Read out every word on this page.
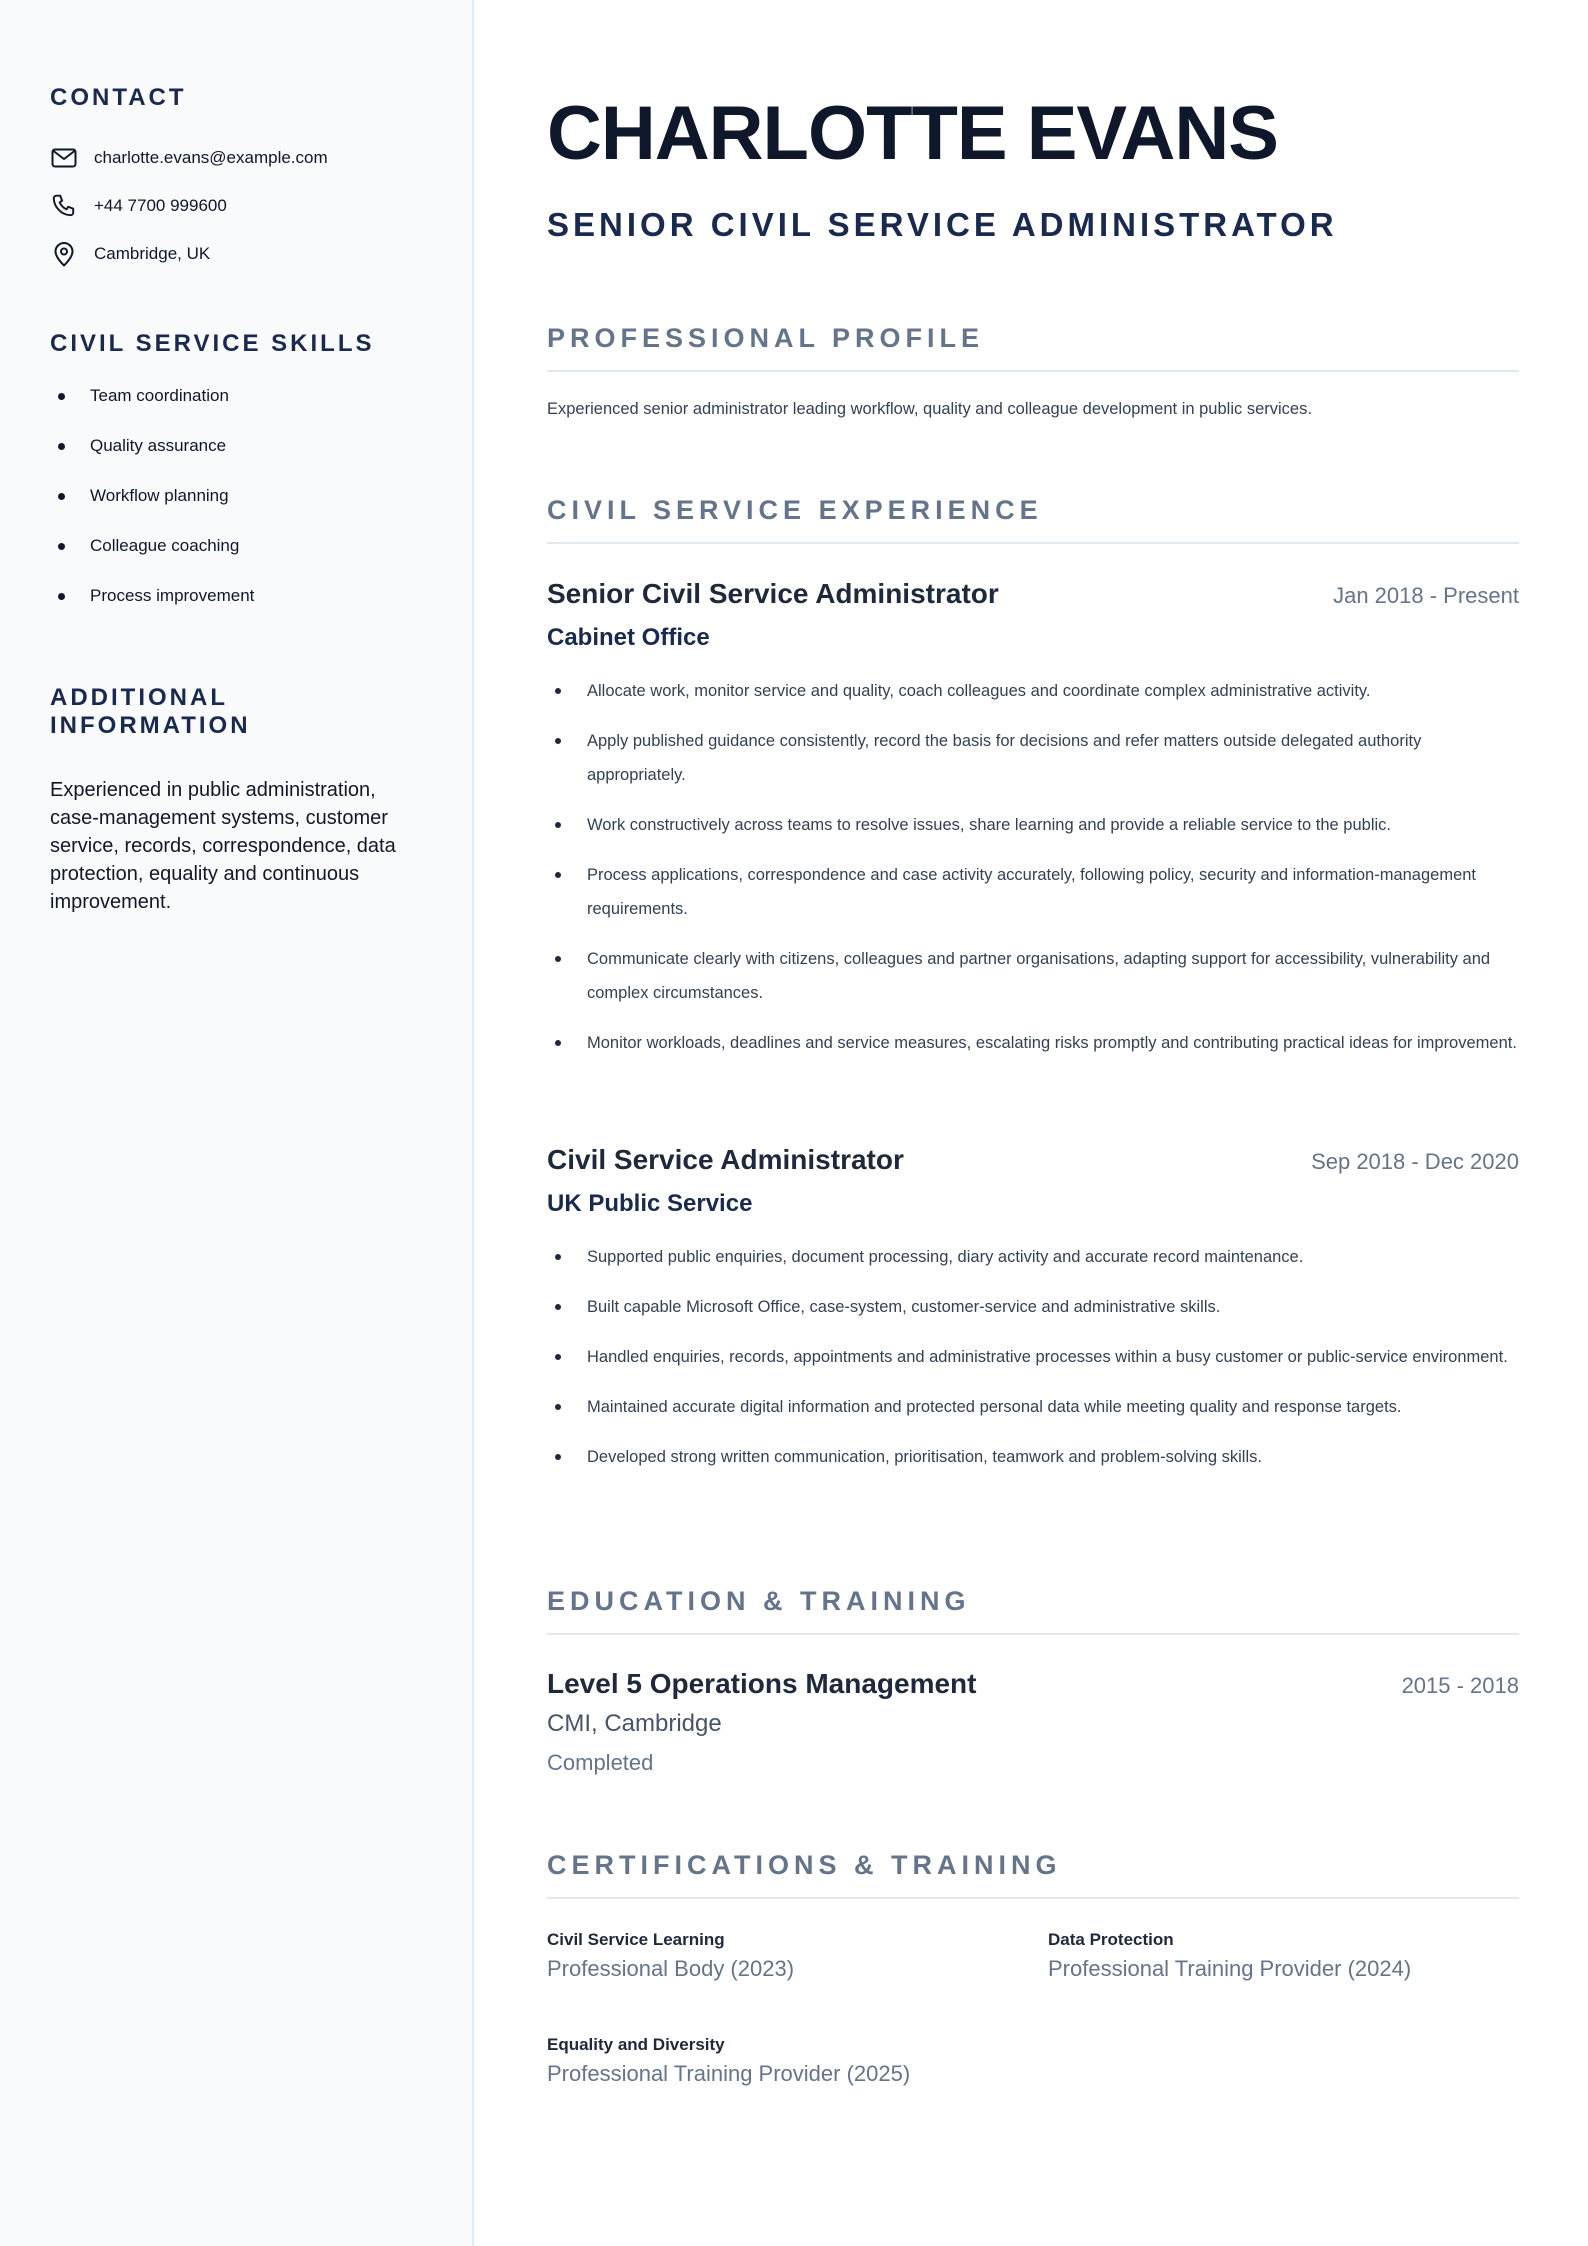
CONTACT
charlotte.evans@example.com
+44 7700 999600
Cambridge, UK
CIVIL SERVICE SKILLS
Team coordination
Quality assurance
Workflow planning
Colleague coaching
Process improvement
ADDITIONAL INFORMATION
Experienced in public administration, case-management systems, customer service, records, correspondence, data protection, equality and continuous improvement.
CHARLOTTE EVANS
SENIOR CIVIL SERVICE ADMINISTRATOR
PROFESSIONAL PROFILE
Experienced senior administrator leading workflow, quality and colleague development in public services.
CIVIL SERVICE EXPERIENCE
Senior Civil Service Administrator	Jan 2018 - Present
Cabinet Office
Allocate work, monitor service and quality, coach colleagues and coordinate complex administrative activity.
Apply published guidance consistently, record the basis for decisions and refer matters outside delegated authority appropriately.
Work constructively across teams to resolve issues, share learning and provide a reliable service to the public.
Process applications, correspondence and case activity accurately, following policy, security and information-management requirements.
Communicate clearly with citizens, colleagues and partner organisations, adapting support for accessibility, vulnerability and complex circumstances.
Monitor workloads, deadlines and service measures, escalating risks promptly and contributing practical ideas for improvement.
Civil Service Administrator	Sep 2018 - Dec 2020
UK Public Service
Supported public enquiries, document processing, diary activity and accurate record maintenance.
Built capable Microsoft Office, case-system, customer-service and administrative skills.
Handled enquiries, records, appointments and administrative processes within a busy customer or public-service environment.
Maintained accurate digital information and protected personal data while meeting quality and response targets.
Developed strong written communication, prioritisation, teamwork and problem-solving skills.
EDUCATION & TRAINING
Level 5 Operations Management	2015 - 2018
CMI, Cambridge
Completed
CERTIFICATIONS & TRAINING
Civil Service Learning
Professional Body (2023)
Data Protection
Professional Training Provider (2024)
Equality and Diversity
Professional Training Provider (2025)
